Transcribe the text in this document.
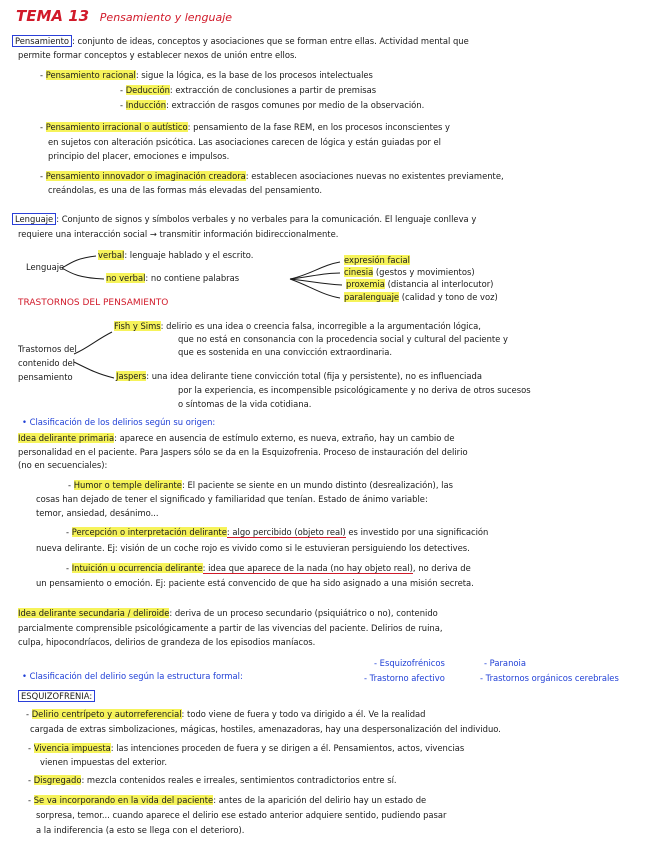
TEMA 13 Pensamiento y lenguaje
Pensamiento : conjunto de ideas, conceptos y asociaciones que se forman entre ellas. Actividad mental que
permite formar conceptos y establecer nexos de unión entre ellos.
- Pensamiento racional: sigue la lógica, es la base de los procesos intelectuales
- Deducción: extracción de conclusiones a partir de premisas
- Inducción: extracción de rasgos comunes por medio de la observación.
- Pensamiento irracional o autístico: pensamiento de la fase REM, en los procesos inconscientes y
en sujetos con alteración psicótica. Las asociaciones carecen de lógica y están guiadas por el
principio del placer, emociones e impulsos.
- Pensamiento innovador o imaginación creadora: establecen asociaciones nuevas no existentes previamente,
creándolas, es una de las formas más elevadas del pensamiento.
Lenguaje : Conjunto de signos y símbolos verbales y no verbales para la comunicación. El lenguaje conlleva y
requiere una interacción social → transmitir información bidireccionalmente.
Lenguaje
verbal: lenguaje hablado y el escrito.
no verbal: no contiene palabras
expresión facial
cinesia (gestos y movimientos)
proxemia (distancia al interlocutor)
paralenguaje (calidad y tono de voz)
TRASTORNOS DEL PENSAMIENTO
Trastornos del
contenido del
pensamiento
Fish y Sims: delirio es una idea o creencia falsa, incorregible a la argumentación lógica,
que no está en consonancia con la procedencia social y cultural del paciente y
que es sostenida en una convicción extraordinaria.
Jaspers: una idea delirante tiene convicción total (fija y persistente), no es influenciada
por la experiencia, es incompensible psicológicamente y no deriva de otros sucesos
o síntomas de la vida cotidiana.
• Clasificación de los delirios según su origen:
Idea delirante primaria: aparece en ausencia de estímulo externo, es nueva, extraño, hay un cambio de
personalidad en el paciente. Para Jaspers sólo se da en la Esquizofrenia. Proceso de instauración del delirio
(no en secuenciales):
- Humor o temple delirante: El paciente se siente en un mundo distinto (desrealización), las
cosas han dejado de tener el significado y familiaridad que tenían. Estado de ánimo variable:
temor, ansiedad, desánimo...
- Percepción o interpretación delirante: algo percibido (objeto real) es investido por una significación
nueva delirante. Ej: visión de un coche rojo es vivido como si le estuvieran persiguiendo los detectives.
- Intuición u ocurrencia delirante: idea que aparece de la nada (no hay objeto real), no deriva de
un pensamiento o emoción. Ej: paciente está convencido de que ha sido asignado a una misión secreta.
Idea delirante secundaria / deliroide: deriva de un proceso secundario (psiquiátrico o no), contenido
parcialmente comprensible psicológicamente a partir de las vivencias del paciente. Delirios de ruina,
culpa, hipocondríacos, delirios de grandeza de los episodios maníacos.
• Clasificación del delirio según la estructura formal:
- Esquizofrénicos	- Paranoia
- Trastorno afectivo	- Trastornos orgánicos cerebrales
ESQUIZOFRENIA:
- Delirio centrípeto y autorreferencial: todo viene de fuera y todo va dirigido a él. Ve la realidad
cargada de extras simbolizaciones, mágicas, hostiles, amenazadoras, hay una despersonalización del individuo.
- Vivencia impuesta: las intenciones proceden de fuera y se dirigen a él. Pensamientos, actos, vivencias
vienen impuestas del exterior.
- Disgregado: mezcla contenidos reales e irreales, sentimientos contradictorios entre sí.
- Se va incorporando en la vida del paciente: antes de la aparición del delirio hay un estado de
sorpresa, temor... cuando aparece el delirio ese estado anterior adquiere sentido, pudiendo pasar
a la indiferencia (a esto se llega con el deterioro).
